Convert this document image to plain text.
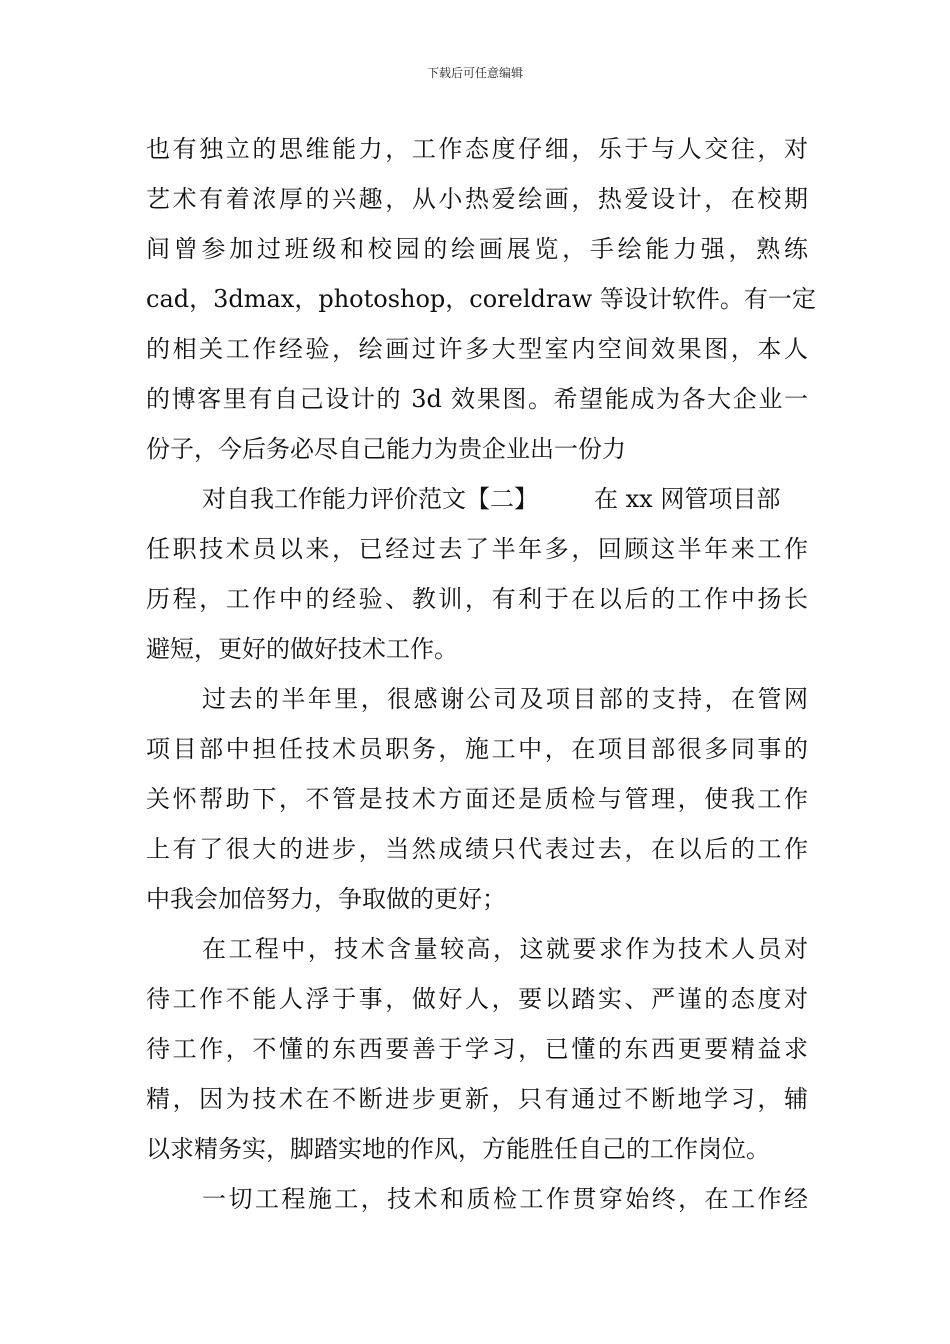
下载后可任意编辑
也有独立的思维能力，工作态度仔细，乐于与人交往，对
艺术有着浓厚的兴趣，从小热爱绘画，热爱设计，在校期
间曾参加过班级和校园的绘画展览，手绘能力强，熟练
cad，3dmax，photoshop，coreldraw 等设计软件。有一定
的相关工作经验，绘画过许多大型室内空间效果图，本人
的博客里有自己设计的 3d 效果图。希望能成为各大企业一
份子，今后务必尽自己能力为贵企业出一份力
对自我工作能力评价范文【二】 在 xx 网管项目部
任职技术员以来，已经过去了半年多，回顾这半年来工作
历程，工作中的经验、教训，有利于在以后的工作中扬长
避短，更好的做好技术工作。
过去的半年里，很感谢公司及项目部的支持，在管网
项目部中担任技术员职务，施工中，在项目部很多同事的
关怀帮助下，不管是技术方面还是质检与管理，使我工作
上有了很大的进步，当然成绩只代表过去，在以后的工作
中我会加倍努力，争取做的更好；
在工程中，技术含量较高，这就要求作为技术人员对
待工作不能人浮于事，做好人，要以踏实、严谨的态度对
待工作，不懂的东西要善于学习，已懂的东西更要精益求
精，因为技术在不断进步更新，只有通过不断地学习，辅
以求精务实，脚踏实地的作风，方能胜任自己的工作岗位。
一切工程施工，技术和质检工作贯穿始终，在工作经
